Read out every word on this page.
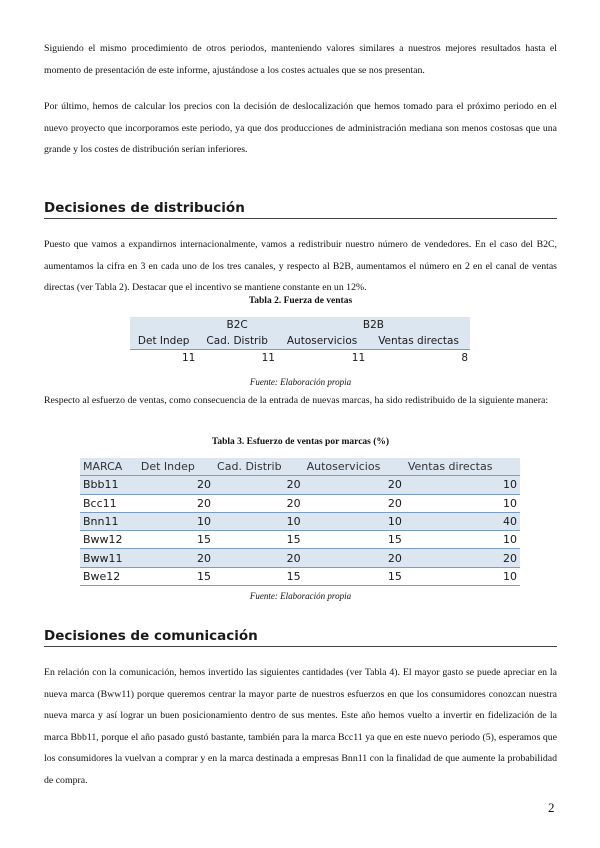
Siguiendo el mismo procedimiento de otros periodos, manteniendo valores similares a nuestros mejores resultados hasta el momento de presentación de este informe, ajustándose a los costes actuales que se nos presentan.

Por último, hemos de calcular los precios con la decisión de deslocalización que hemos tomado para el próximo periodo en el nuevo proyecto que incorporamos este periodo, ya que dos producciones de administración mediana son menos costosas que una grande y los costes de distribución serían inferiores.

Decisiones de distribución

Puesto que vamos a expandirnos internacionalmente, vamos a redistribuir nuestro número de vendedores. En el caso del B2C, aumentamos la cifra en 3 en cada uno de los tres canales, y respecto al B2B, aumentamos el número en 2 en el canal de ventas directas (ver Tabla 2). Destacar que el incentivo se mantiene constante en un 12%.

Tabla 2. Fuerza de ventas
	B2C	B2B	
Det Indep	Cad. Distrib	Autoservicios	Ventas directas
11	11	11	8
Fuente: Elaboración propia

Respecto al esfuerzo de ventas, como consecuencia de la entrada de nuevas marcas, ha sido redistribuido de la siguiente manera:

Tabla 3. Esfuerzo de ventas por marcas (%)
MARCA	Det Indep	Cad. Distrib	Autoservicios	Ventas directas
Bbb11	20	20	20	10
Bcc11	20	20	20	10
Bnn11	10	10	10	40
Bww12	15	15	15	10
Bww11	20	20	20	20
Bwe12	15	15	15	10
Fuente: Elaboración propia
Decisiones de comunicación

En relación con la comunicación, hemos invertido las siguientes cantidades (ver Tabla 4). El mayor gasto se puede apreciar en la nueva marca (Bww11) porque queremos centrar la mayor parte de nuestros esfuerzos en que los consumidores conozcan nuestra nueva marca y así lograr un buen posicionamiento dentro de sus mentes. Este año hemos vuelto a invertir en fidelización de la marca Bbb11, porque el año pasado gustó bastante, también para la marca Bcc11 ya que en este nuevo periodo (5), esperamos que los consumidores la vuelvan a comprar y en la marca destinada a empresas Bnn11 con la finalidad de que aumente la probabilidad de compra.

2
